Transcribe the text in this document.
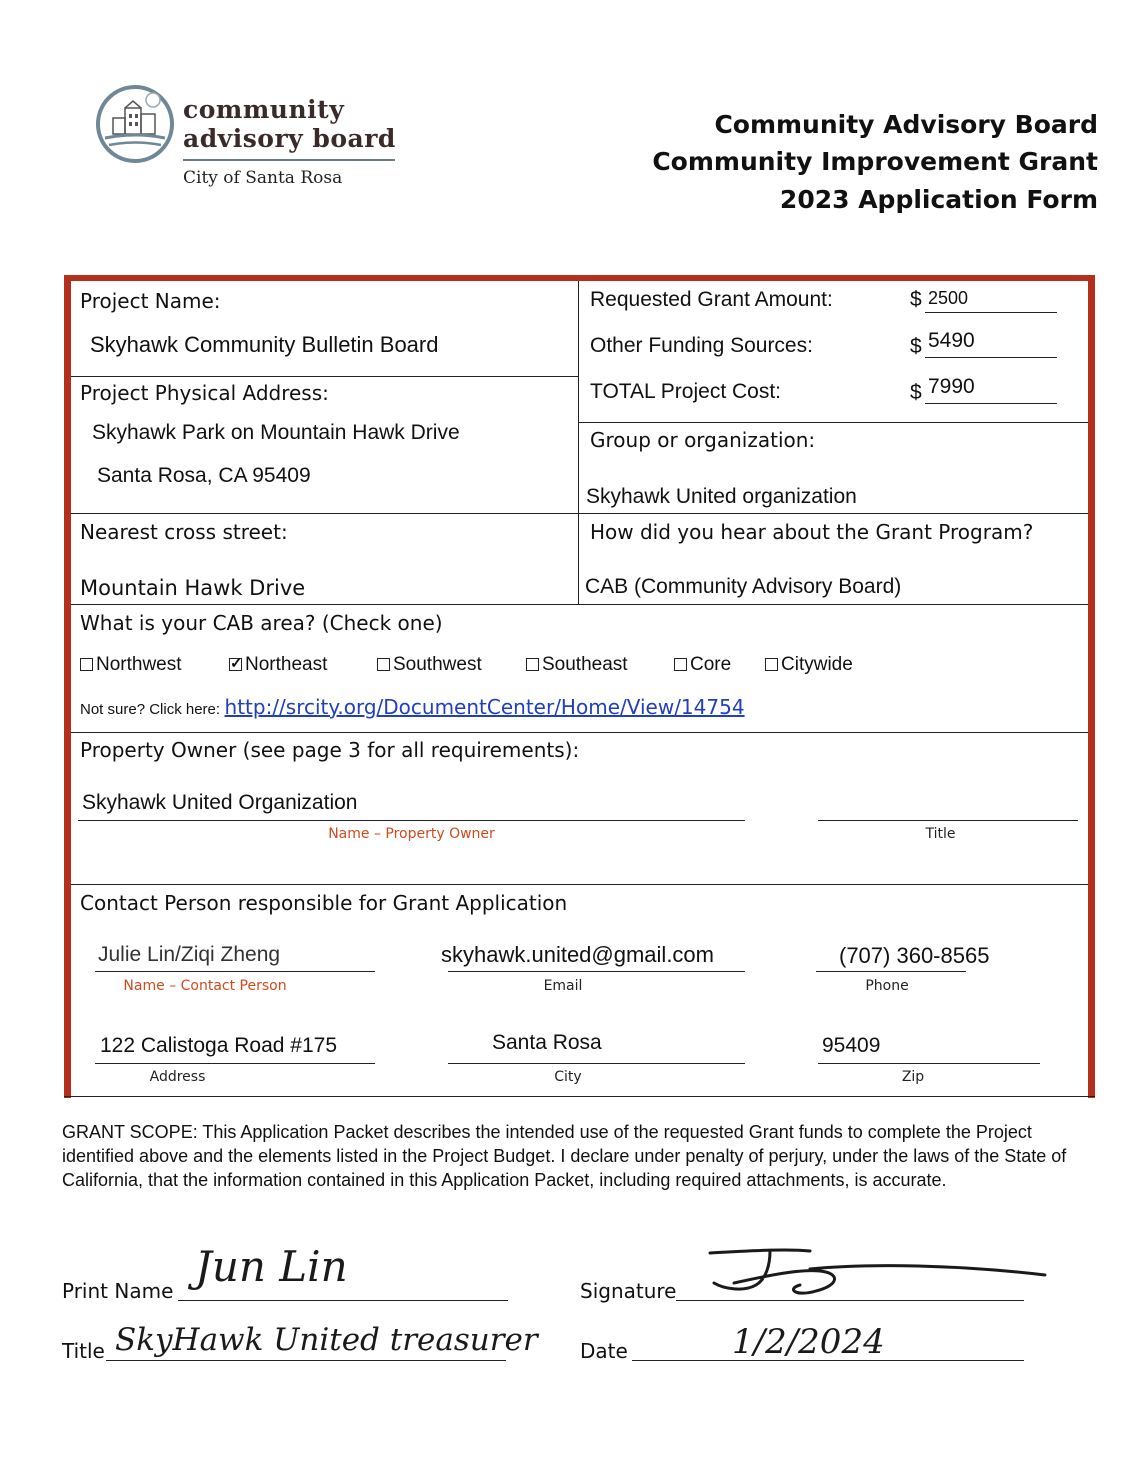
community
advisory board
City of Santa Rosa
Community Advisory Board
Community Improvement Grant
2023 Application Form
Project Name:
Skyhawk Community Bulletin Board
Requested Grant Amount:	$ 2500
Other Funding Sources:	$ 5490
TOTAL Project Cost:	$ 7990
Project Physical Address:
Skyhawk Park on Mountain Hawk Drive
Santa Rosa, CA 95409
Group or organization:
Skyhawk United organization
Nearest cross street:
Mountain Hawk Drive
How did you hear about the Grant Program?
CAB (Community Advisory Board)
What is your CAB area? (Check one)
Northwest
✓	Northeast	Southwest	Southeast	Core	Citywide
Not sure? Click here: http://srcity.org/DocumentCenter/Home/View/14754
Property Owner (see page 3 for all requirements):
Skyhawk United Organization
Name – Property Owner	Title
Contact Person responsible for Grant Application
Julie Lin/Ziqi Zheng
Name – Contact Person
skyhawk.united@gmail.com
Email
(707) 360-8565
Phone
122 Calistoga Road #175
Address
Santa Rosa
City
95409
Zip
GRANT SCOPE: This Application Packet describes the intended use of the requested Grant funds to complete the Project identified above and the elements listed in the Project Budget. I declare under penalty of perjury, under the laws of the State of California, that the information contained in this Application Packet, including required attachments, is accurate.
Print Name Jun Lin	Signature
Title SkyHawk United treasurer Date	1/2/2024
